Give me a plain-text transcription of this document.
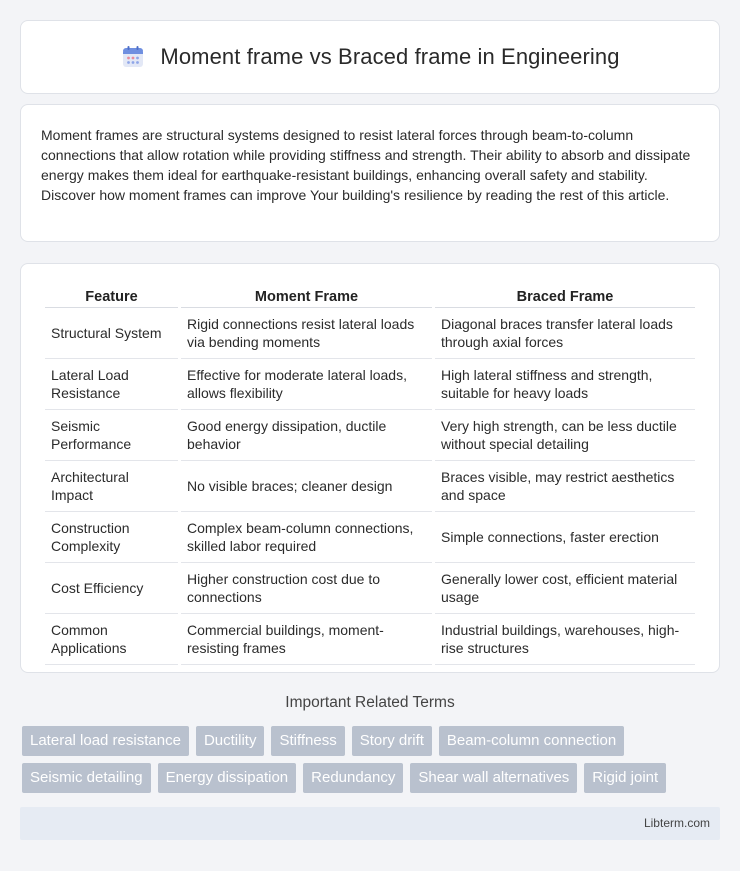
Moment frame vs Braced frame in Engineering

Moment frames are structural systems designed to resist lateral forces through beam-to-column connections that allow rotation while providing stiffness and strength. Their ability to absorb and dissipate energy makes them ideal for earthquake-resistant buildings, enhancing overall safety and stability. Discover how moment frames can improve Your building's resilience by reading the rest of this article.

Feature	Moment Frame	Braced Frame
Structural System	Rigid connections resist lateral loads via bending moments	Diagonal braces transfer lateral loads through axial forces
Lateral Load Resistance	Effective for moderate lateral loads, allows flexibility	High lateral stiffness and strength, suitable for heavy loads
Seismic Performance	Good energy dissipation, ductile behavior	Very high strength, can be less ductile without special detailing
Architectural Impact	No visible braces; cleaner design	Braces visible, may restrict aesthetics and space
Construction Complexity	Complex beam-column connections, skilled labor required	Simple connections, faster erection
Cost Efficiency	Higher construction cost due to connections	Generally lower cost, efficient material usage
Common Applications	Commercial buildings, moment-resisting frames	Industrial buildings, warehouses, high-rise structures
Important Related Terms
Lateral load resistance	Ductility	Stiffness	Story drift	Beam-column connection
Seismic detailing	Energy dissipation	Redundancy	Shear wall alternatives	Rigid joint
Libterm.com
